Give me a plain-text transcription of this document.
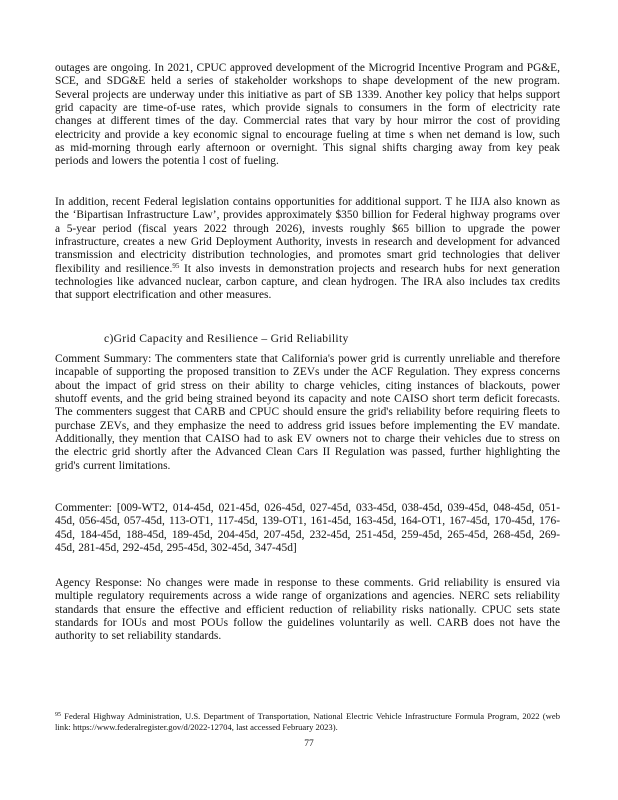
outages are ongoing. In 2021, CPUC approved development of the Microgrid Incentive Program and PG&E, SCE, and SDG&E held a series of stakeholder workshops to shape development of the new program. Several projects are underway under this initiative as part of SB 1339. Another key policy that helps support grid capacity are time-of-use rates, which provide signals to consumers in the form of electricity rate changes at different times of the day. Commercial rates that vary by hour mirror the cost of providing electricity and provide a key economic signal to encourage fueling at time s when net demand is low, such as mid-morning through early afternoon or overnight. This signal shifts charging away from key peak periods and lowers the potentia l cost of fueling.

In addition, recent Federal legislation contains opportunities for additional support. T he IIJA also known as the ‘Bipartisan Infrastructure Law’, provides approximately $350 billion for Federal highway programs over a 5-year period (fiscal years 2022 through 2026), invests roughly $65 billion to upgrade the power infrastructure, creates a new Grid Deployment Authority, invests in research and development for advanced transmission and electricity distribution technologies, and promotes smart grid technologies that deliver flexibility and resilience.$^{95}$ It also invests in demonstration projects and research hubs for next generation technologies like advanced nuclear, carbon capture, and clean hydrogen. The IRA also includes tax credits that support electrification and other measures.

c)Grid Capacity and Resilience – Grid Reliability

Comment Summary: The commenters state that California's power grid is currently unreliable and therefore incapable of supporting the proposed transition to ZEVs under the ACF Regulation. They express concerns about the impact of grid stress on their ability to charge vehicles, citing instances of blackouts, power shutoff events, and the grid being strained beyond its capacity and note CAISO short term deficit forecasts. The commenters suggest that CARB and CPUC should ensure the grid's reliability before requiring fleets to purchase ZEVs, and they emphasize the need to address grid issues before implementing the EV mandate. Additionally, they mention that CAISO had to ask EV owners not to charge their vehicles due to stress on the electric grid shortly after the Advanced Clean Cars II Regulation was passed, further highlighting the grid's current limitations.

Commenter: [009-WT2, 014-45d, 021-45d, 026-45d, 027-45d, 033-45d, 038-45d, 039-45d, 048-45d, 051-45d, 056-45d, 057-45d, 113-OT1, 117-45d, 139-OT1, 161-45d, 163-45d, 164-OT1, 167-45d, 170-45d, 176-45d, 184-45d, 188-45d, 189-45d, 204-45d, 207-45d, 232-45d, 251-45d, 259-45d, 265-45d, 268-45d, 269-45d, 281-45d, 292-45d, 295-45d, 302-45d, 347-45d]

Agency Response: No changes were made in response to these comments. Grid reliability is ensured via multiple regulatory requirements across a wide range of organizations and agencies. NERC sets reliability standards that ensure the effective and efficient reduction of reliability risks nationally. CPUC sets state standards for IOUs and most POUs follow the guidelines voluntarily as well. CARB does not have the authority to set reliability standards.

$^{95}$ Federal Highway Administration, U.S. Department of Transportation, National Electric Vehicle Infrastructure Formula Program, 2022 (web link: https://www.federalregister.gov/d/2022-12704, last accessed February 2023).
77
